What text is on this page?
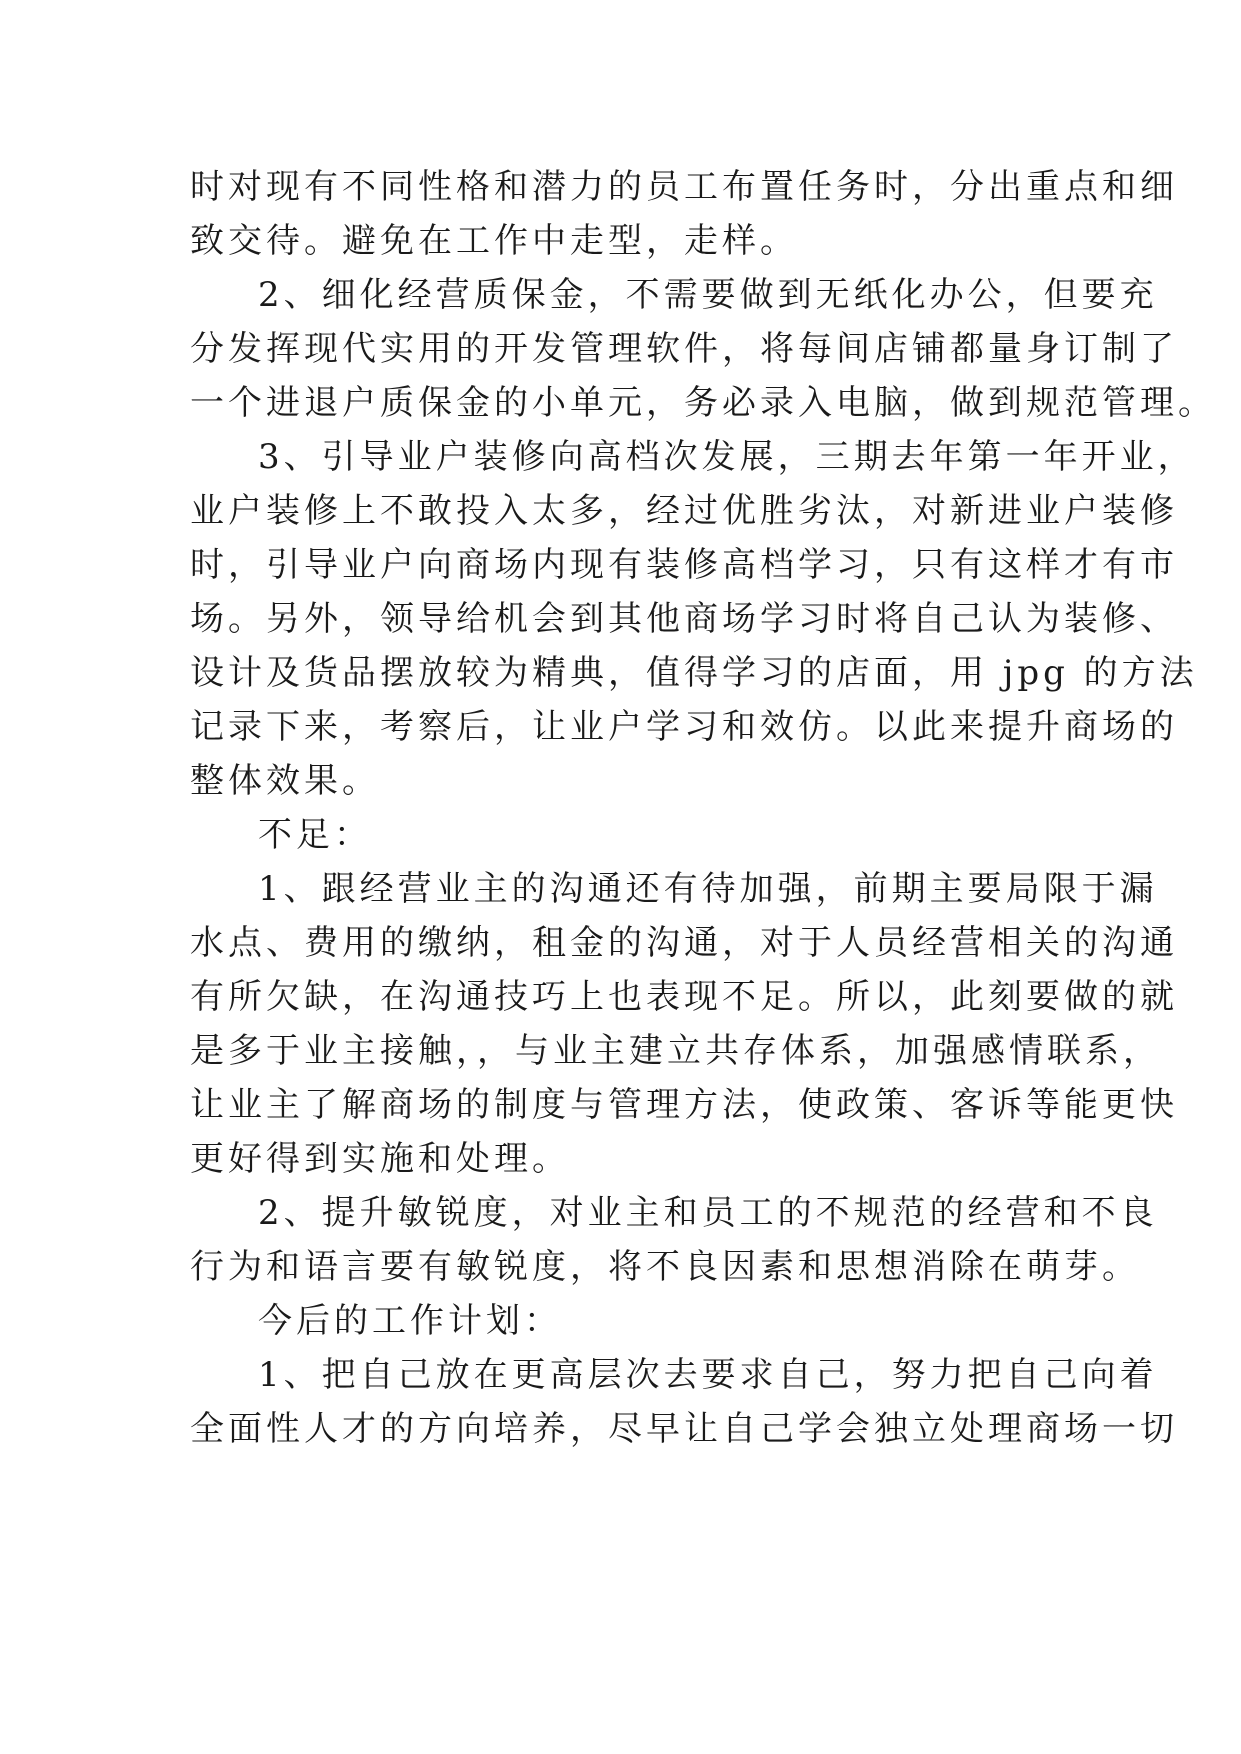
时对现有不同性格和潜力的员工布置任务时，分出重点和细
致交待。避免在工作中走型，走样。
2、细化经营质保金，不需要做到无纸化办公，但要充
分发挥现代实用的开发管理软件，将每间店铺都量身订制了
一个进退户质保金的小单元，务必录入电脑，做到规范管理。
3、引导业户装修向高档次发展，三期去年第一年开业，
业户装修上不敢投入太多，经过优胜劣汰，对新进业户装修
时，引导业户向商场内现有装修高档学习，只有这样才有市
场。另外，领导给机会到其他商场学习时将自己认为装修、
设计及货品摆放较为精典，值得学习的店面，用 jpg 的方法
记录下来，考察后，让业户学习和效仿。以此来提升商场的
整体效果。
不足：
1、跟经营业主的沟通还有待加强，前期主要局限于漏
水点、费用的缴纳，租金的沟通，对于人员经营相关的沟通
有所欠缺，在沟通技巧上也表现不足。所以，此刻要做的就
是多于业主接触，，与业主建立共存体系，加强感情联系，
让业主了解商场的制度与管理方法，使政策、客诉等能更快
更好得到实施和处理。
2、提升敏锐度，对业主和员工的不规范的经营和不良
行为和语言要有敏锐度，将不良因素和思想消除在萌芽。
今后的工作计划：
1、把自己放在更高层次去要求自己，努力把自己向着
全面性人才的方向培养，尽早让自己学会独立处理商场一切
